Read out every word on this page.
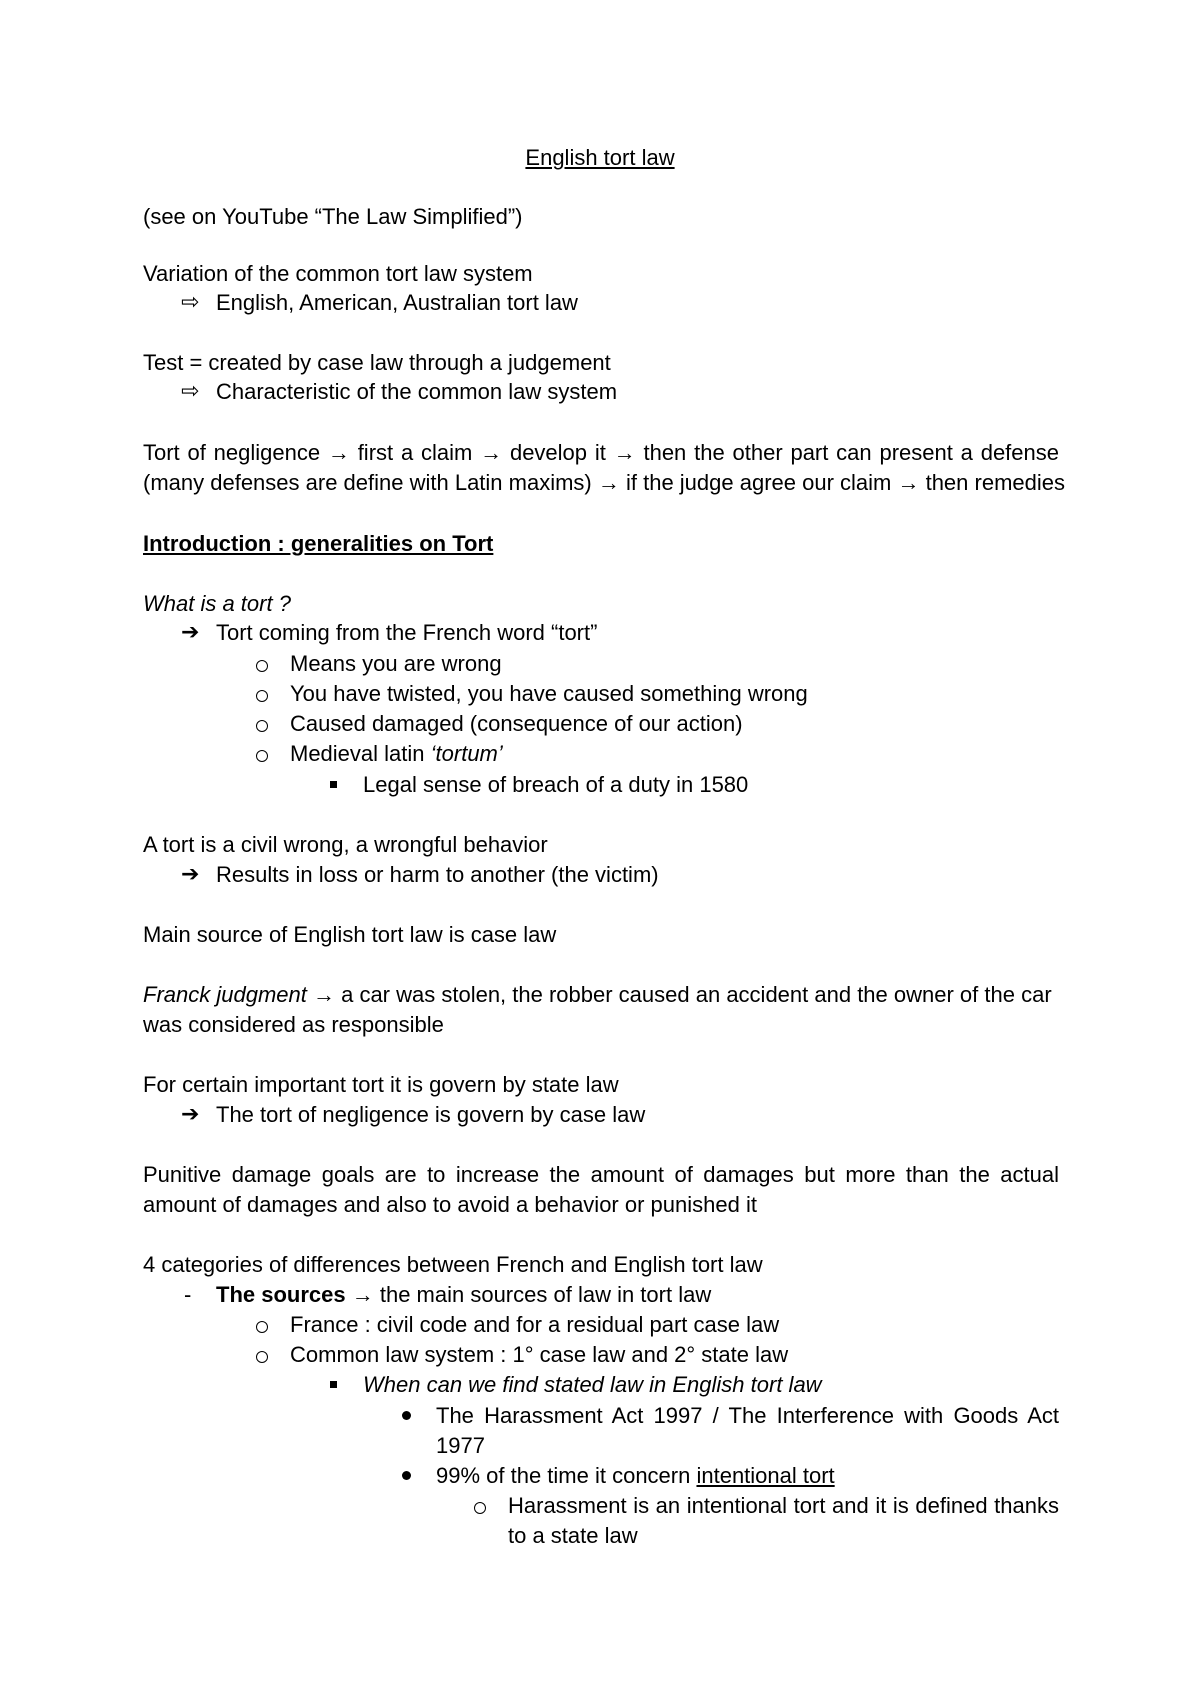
English tort law
(see on YouTube “The Law Simplified”)
Variation of the common tort law system
⇨ English, American, Australian tort law
Test = created by case law through a judgement
⇨ Characteristic of the common law system
Tort of negligence → first a claim → develop it → then the other part can present a defense
(many defenses are define with Latin maxims) → if the judge agree our claim → then remedies
Introduction : generalities on Tort
What is a tort ?
➔ Tort coming from the French word “tort”
Means you are wrong
You have twisted, you have caused something wrong
Caused damaged (consequence of our action)
Medieval latin ‘tortum’
Legal sense of breach of a duty in 1580
A tort is a civil wrong, a wrongful behavior
➔ Results in loss or harm to another (the victim)
Main source of English tort law is case law
Franck judgment → a car was stolen, the robber caused an accident and the owner of the car
was considered as responsible
For certain important tort it is govern by state law
➔ The tort of negligence is govern by case law
Punitive damage goals are to increase the amount of damages but more than the actual
amount of damages and also to avoid a behavior or punished it
4 categories of differences between French and English tort law
- The sources → the main sources of law in tort law
France : civil code and for a residual part case law
Common law system : 1° case law and 2° state law
When can we find stated law in English tort law
The Harassment Act 1997 / The Interference with Goods Act
1977
99% of the time it concern intentional tort
Harassment is an intentional tort and it is defined thanks
to a state law
